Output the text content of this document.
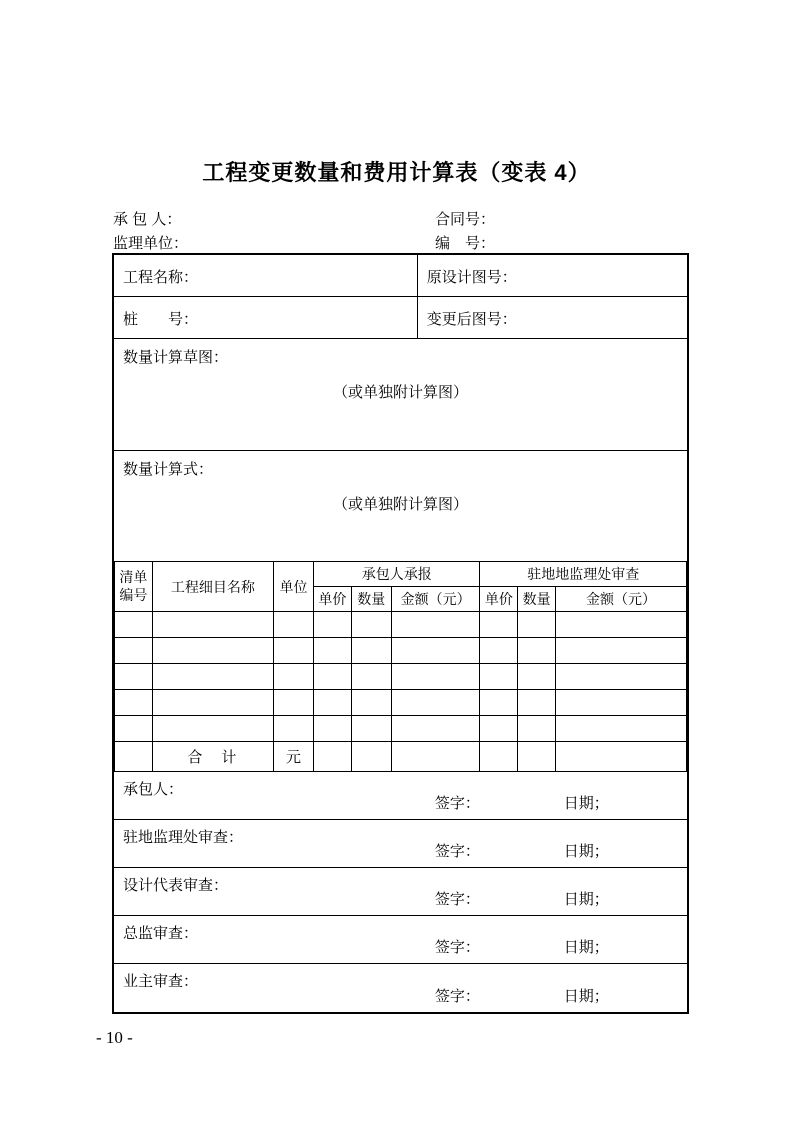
工程变更数量和费用计算表（变表 4）
承 包 人：	合同号：
监理单位：	编　号：
工程名称：	原设计图号：
桩　　号：	变更后图号：
数量计算草图：
（或单独附计算图）
数量计算式：
（或单独附计算图）
清单编号	工程细目名称	单位	承包人承报			驻地地监理处审查		
			单价	数量	金额（元）	单价	数量	金额（元）

	合　计	元						
承包人：
签字：	日期；
驻地监理处审查：
签字：	日期；
设计代表审查：
签字：	日期；
总监审查：
签字：	日期；
业主审查：
签字：	日期；
- 10 -
